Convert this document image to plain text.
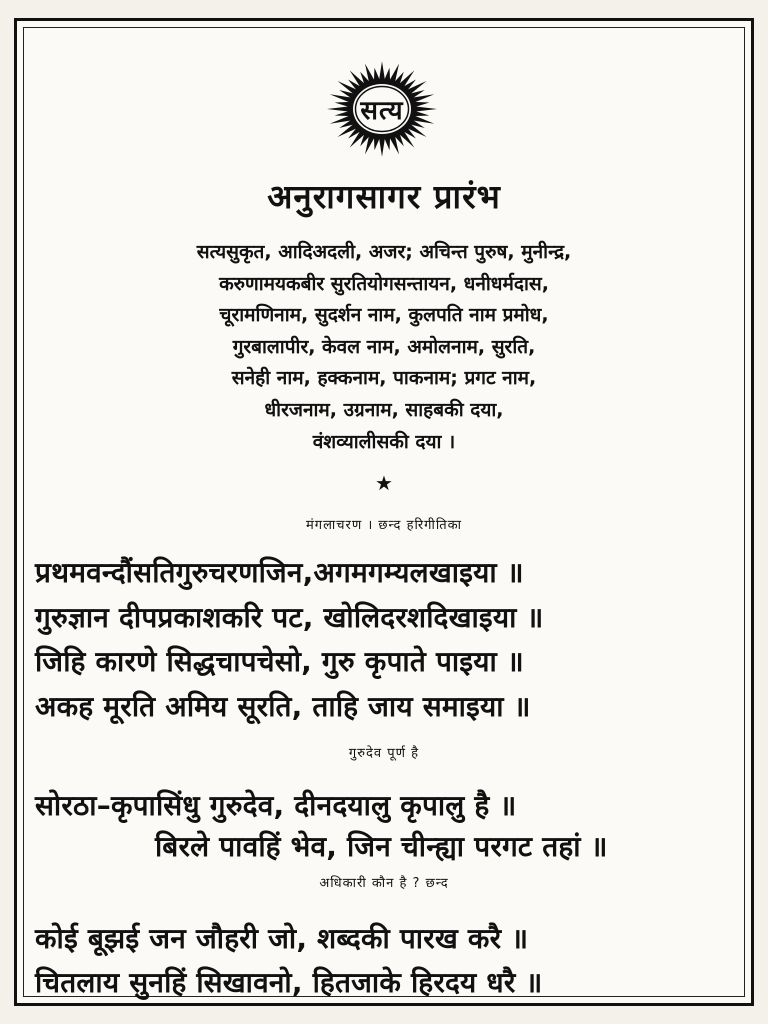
सत्य
अनुरागसागर प्रारंभ
सत्यसुकृत, आदिअदली, अजर; अचिन्त पुरुष, मुनीन्द्र,
करुणामयकबीर सुरतियोगसन्तायन, धनीधर्मदास,
चूरामणिनाम, सुदर्शन नाम, कुलपति नाम प्रमोध,
गुरबालापीर, केवल नाम, अमोलनाम, सुरति,
सनेही नाम, हक्कनाम, पाकनाम; प्रगट नाम,
धीरजनाम, उग्रनाम, साहबकी दया,
वंशव्यालीसकी दया ।
★
मंगलाचरण । छन्द हरिगीतिका
प्रथमवन्दौंसतिगुरुचरणजिन,अगमगम्यलखाइया ॥
गुरुज्ञान दीपप्रकाशकरि पट, खोलिदरशदिखाइया ॥
जिहि कारणे सिद्धचापचेसो, गुरु कृपाते पाइया ॥
अकह मूरति अमिय सूरति, ताहि जाय समाइया ॥
गुरुदेव पूर्ण है
सोरठा–कृपासिंधु गुरुदेव, दीनदयालु कृपालु है ॥
बिरले पावहिं भेव, जिन चीन्ह्या परगट तहां ॥
अधिकारी कौन है ? छन्द
कोई बूझई जन जौहरी जो, शब्दकी पारख करै ॥
चितलाय सुनहिं सिखावनो, हितजाके हिरदय धरै ॥
